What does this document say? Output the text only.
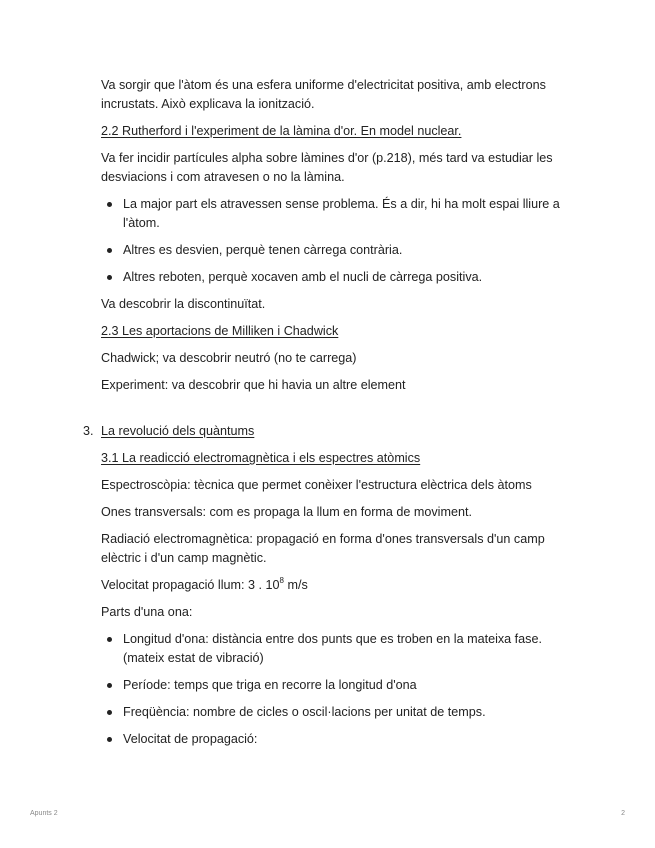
Va sorgir que l'àtom és una esfera uniforme d'electricitat positiva, amb electrons incrustats. Això explicava la ionització.

2.2 Rutherford i l'experiment de la làmina d'or. En model nuclear.

Va fer incidir partícules alpha sobre làmines d'or (p.218), més tard va estudiar les desviacions i com atravesen o no la làmina.

La major part els atravessen sense problema. És a dir, hi ha molt espai lliure a l'àtom.
Altres es desvien, perquè tenen càrrega contrària.
Altres reboten, perquè xocaven amb el nucli de càrrega positiva.

Va descobrir la discontinuïtat.

2.3 Les aportacions de Milliken i Chadwick

Chadwick; va descobrir neutró (no te carrega)

Experiment: va descobrir que hi havia un altre element

3. La revolució dels quàntums

3.1 La readicció electromagnètica i els espectres atòmics

Espectroscòpia: tècnica que permet conèixer l'estructura elèctrica dels àtoms

Ones transversals: com es propaga la llum en forma de moviment.

Radiació electromagnètica: propagació en forma d'ones transversals d'un camp elèctric i d'un camp magnètic.

Velocitat propagació llum: 3 . $10^8$ m/s

Parts d'una ona:

Longitud d'ona: distància entre dos punts que es troben en la mateixa fase. (mateix estat de vibració)
Període: temps que triga en recorre la longitud d'ona
Freqüència: nombre de cicles o oscil·lacions per unitat de temps.
Velocitat de propagació:
Apunts 2	2
